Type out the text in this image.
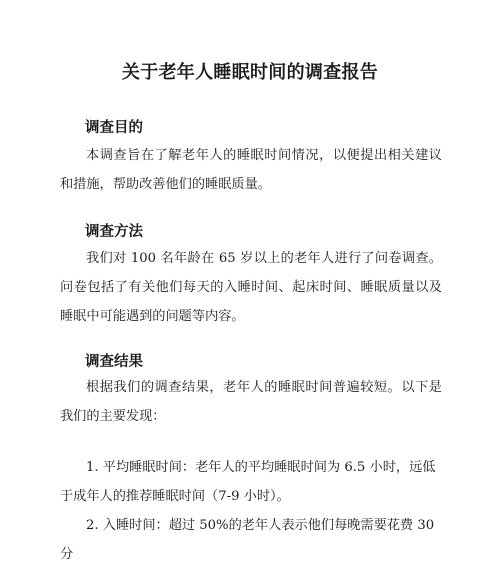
关于老年人睡眠时间的调查报告
调查目的

本调查旨在了解老年人的睡眠时间情况，以便提出相关建议和措施，帮助改善他们的睡眠质量。

调查方法

我们对 100 名年龄在 65 岁以上的老年人进行了问卷调查。问卷包括了有关他们每天的入睡时间、起床时间、睡眠质量以及睡眠中可能遇到的问题等内容。

调查结果

根据我们的调查结果，老年人的睡眠时间普遍较短。以下是我们的主要发现：

1. 平均睡眠时间：老年人的平均睡眠时间为 6.5 小时，远低于成年人的推荐睡眠时间（7-9 小时）。

2. 入睡时间：超过 50%的老年人表示他们每晚需要花费 30 分
